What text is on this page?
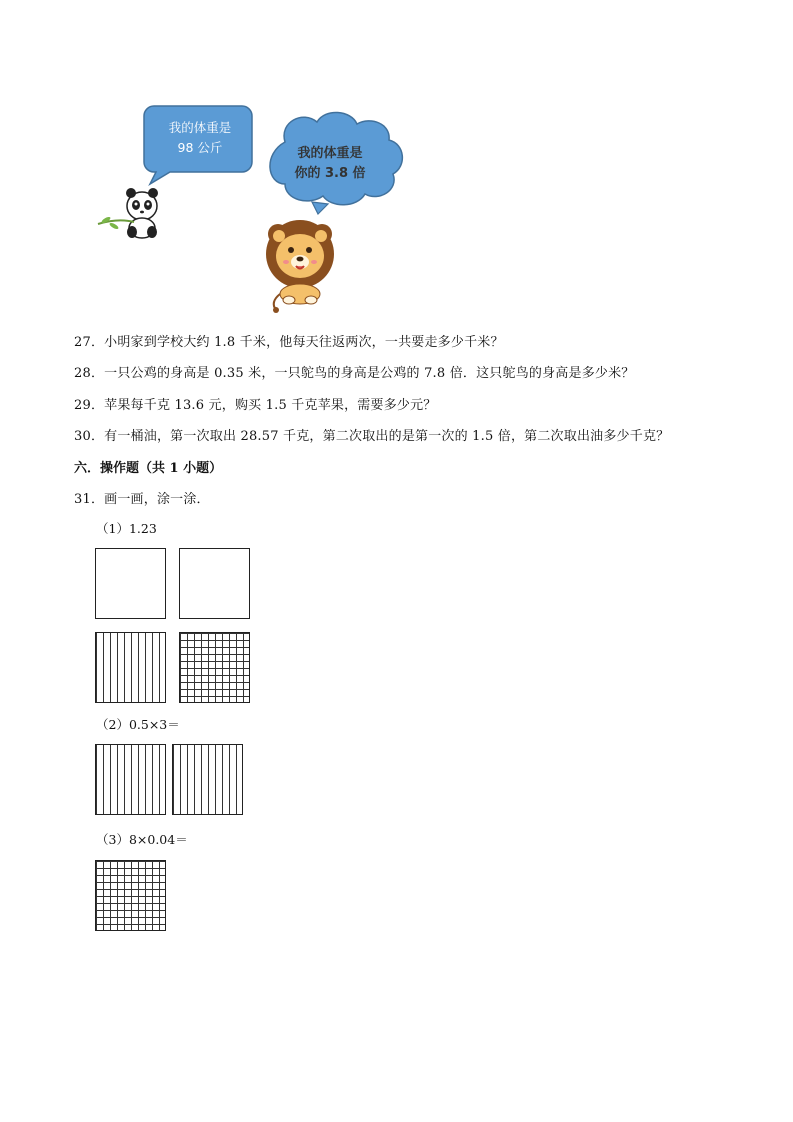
我的体重是
98 公斤	我的体重是
你的 3.8 倍
27．小明家到学校大约 1.8 千米，他每天往返两次，一共要走多少千米？
28．一只公鸡的身高是 0.35 米，一只鸵鸟的身高是公鸡的 7.8 倍．这只鸵鸟的身高是多少米？
29．苹果每千克 13.6 元，购买 1.5 千克苹果，需要多少元？
30．有一桶油，第一次取出 28.57 千克，第二次取出的是第一次的 1.5 倍，第二次取出油多少千克？
六．操作题（共 1 小题）
31．画一画，涂一涂．
（1）1.23
（2）0.5×3＝
（3）8×0.04＝
